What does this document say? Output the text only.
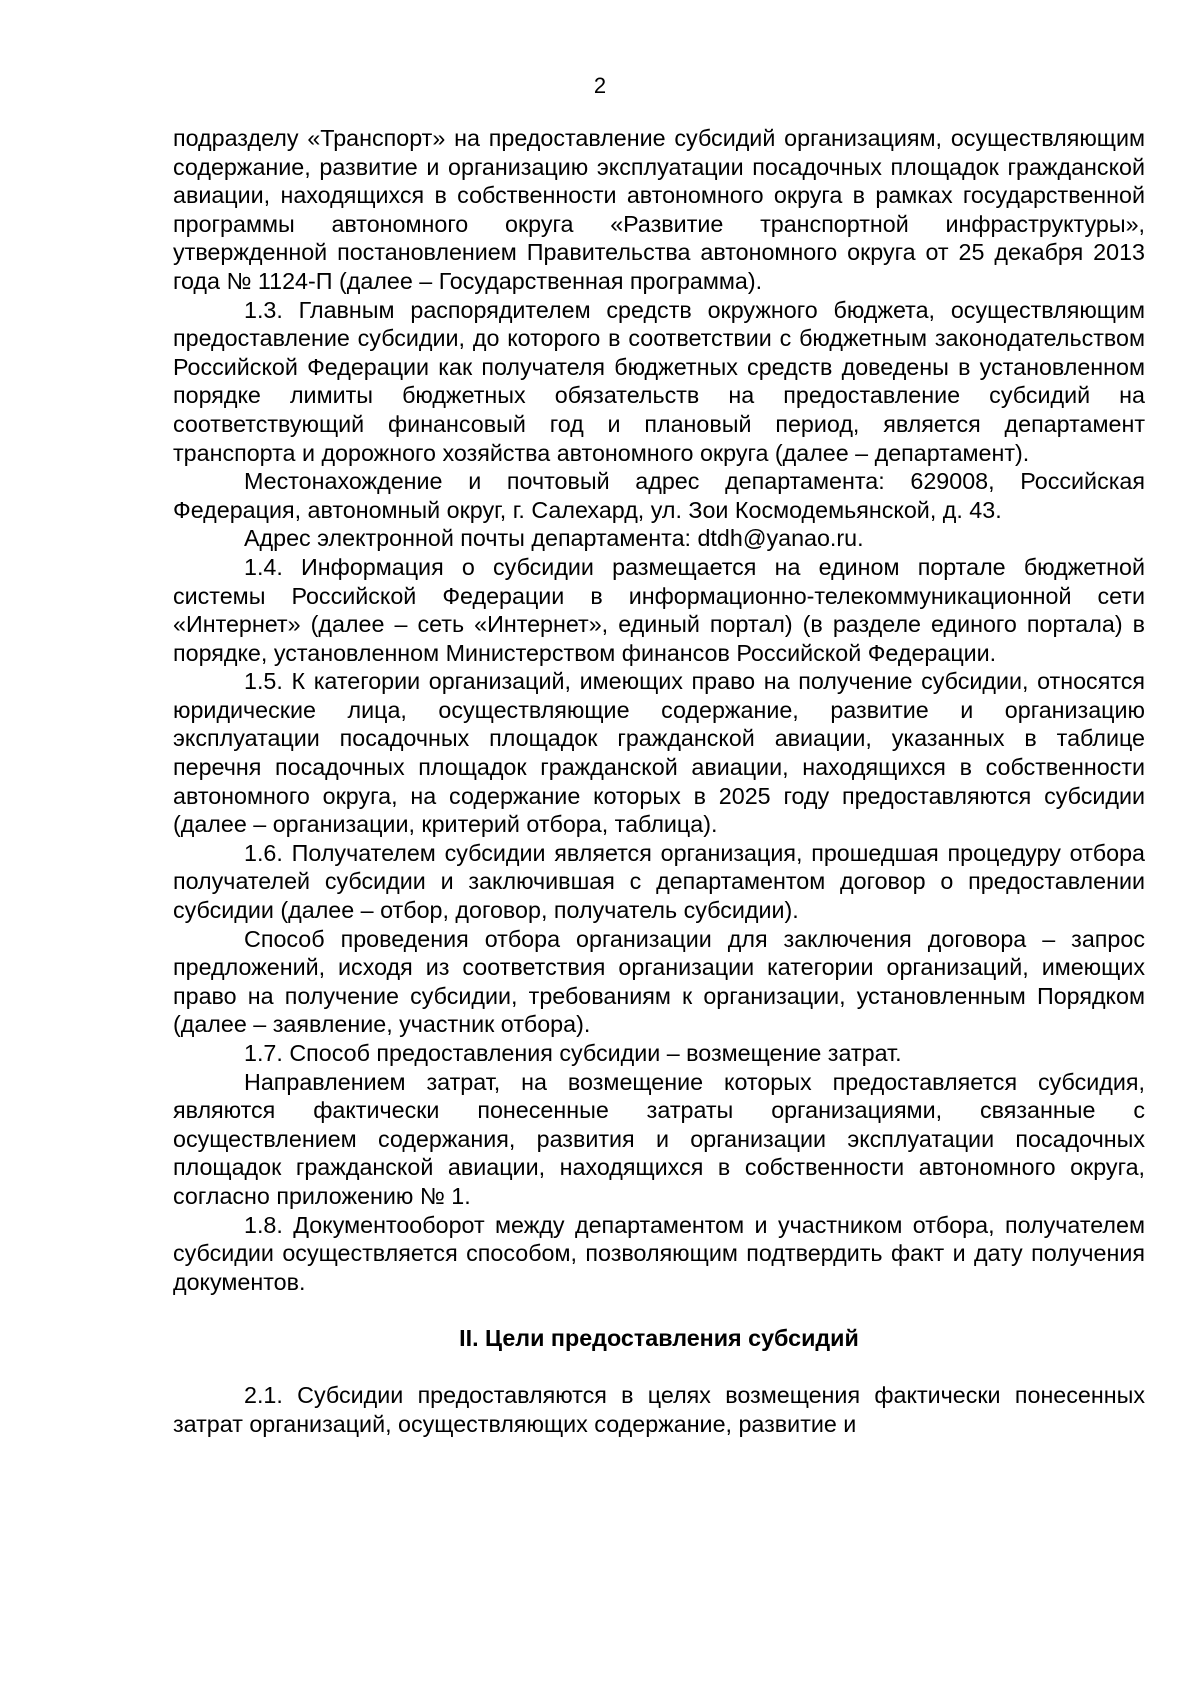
2

подразделу «Транспорт» на предоставление субсидий организациям, осуществляющим содержание, развитие и организацию эксплуатации посадочных площадок гражданской авиации, находящихся в собственности автономного округа в рамках государственной программы автономного округа «Развитие транспортной инфраструктуры», утвержденной постановлением Правительства автономного округа от 25 декабря 2013 года № 1124-П (далее – Государственная программа).

1.3. Главным распорядителем средств окружного бюджета, осуществляющим предоставление субсидии, до которого в соответствии с бюджетным законодательством Российской Федерации как получателя бюджетных средств доведены в установленном порядке лимиты бюджетных обязательств на предоставление субсидий на соответствующий финансовый год и плановый период, является департамент транспорта и дорожного хозяйства автономного округа (далее – департамент).

Местонахождение и почтовый адрес департамента: 629008, Российская Федерация, автономный округ, г. Салехард, ул. Зои Космодемьянской, д. 43.

Адрес электронной почты департамента: dtdh@yanao.ru.

1.4. Информация о субсидии размещается на едином портале бюджетной системы Российской Федерации в информационно-телекоммуникационной сети «Интернет» (далее – сеть «Интернет», единый портал) (в разделе единого портала) в порядке, установленном Министерством финансов Российской Федерации.

1.5. К категории организаций, имеющих право на получение субсидии, относятся юридические лица, осуществляющие содержание, развитие и организацию эксплуатации посадочных площадок гражданской авиации, указанных в таблице перечня посадочных площадок гражданской авиации, находящихся в собственности автономного округа, на содержание которых в 2025 году предоставляются субсидии (далее – организации, критерий отбора, таблица).

1.6. Получателем субсидии является организация, прошедшая процедуру отбора получателей субсидии и заключившая с департаментом договор о предоставлении субсидии (далее – отбор, договор, получатель субсидии).

Способ проведения отбора организации для заключения договора – запрос предложений, исходя из соответствия организации категории организаций, имеющих право на получение субсидии, требованиям к организации, установленным Порядком (далее – заявление, участник отбора).

1.7. Способ предоставления субсидии – возмещение затрат.

Направлением затрат, на возмещение которых предоставляется субсидия, являются фактически понесенные затраты организациями, связанные с осуществлением содержания, развития и организации эксплуатации посадочных площадок гражданской авиации, находящихся в собственности автономного округа, согласно приложению № 1.

1.8. Документооборот между департаментом и участником отбора, получателем субсидии осуществляется способом, позволяющим подтвердить факт и дату получения документов.

II. Цели предоставления субсидий

2.1. Субсидии предоставляются в целях возмещения фактически понесенных затрат организаций, осуществляющих содержание, развитие и
